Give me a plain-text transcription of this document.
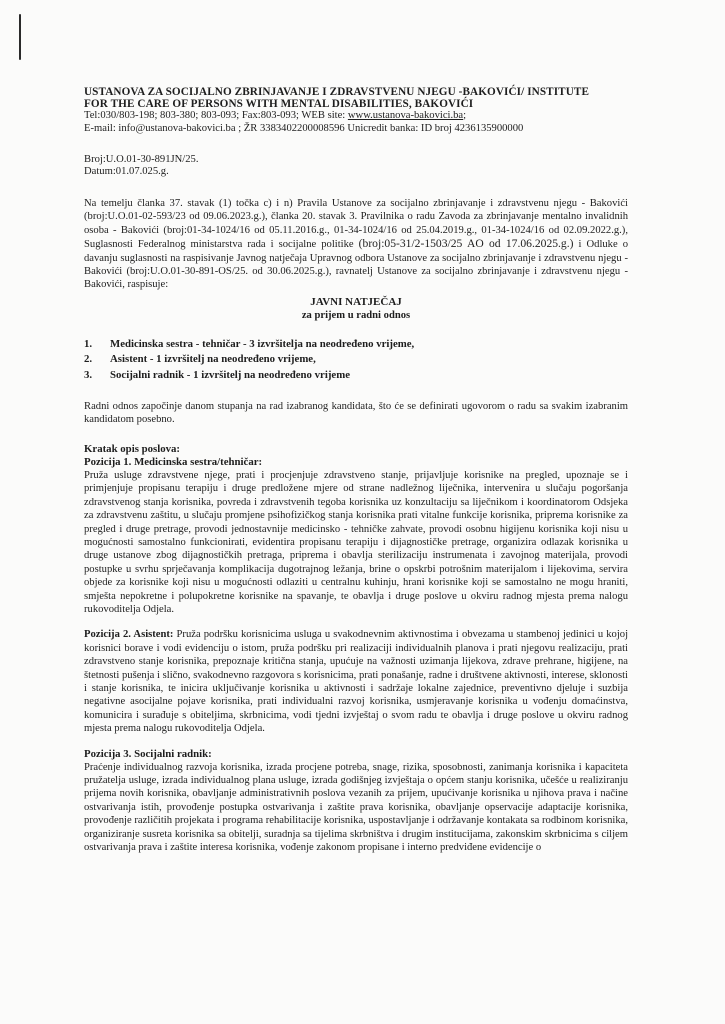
USTANOVA ZA SOCIJALNO ZBRINJAVANJE I ZDRAVSTVENU NJEGU -BAKOVIĆI/ INSTITUTE

FOR THE CARE OF PERSONS WITH MENTAL DISABILITIES, BAKOVIĆI

Tel:030/803-198; 803-380; 803-093; Fax:803-093; WEB site: www.ustanova-bakovici.ba;

E-mail: info@ustanova-bakovici.ba ; ŽR 3383402200008596 Unicredit banka: ID broj 4236135900000

Broj:U.O.01-30-891JN/25.
Datum:01.07.025.g.

Na temelju članka 37. stavak (1) točka c) i n) Pravila Ustanove za socijalno zbrinjavanje i zdravstvenu njegu - Bakovići (broj:U.O.01-02-593/23 od 09.06.2023.g.), članka 20. stavak 3. Pravilnika o radu Zavoda za zbrinjavanje mentalno invalidnih osoba - Bakovići (broj:01-34-1024/16 od 05.11.2016.g., 01-34-1024/16 od 25.04.2019.g., 01-34-1024/16 od 02.09.2022.g.), Suglasnosti Federalnog ministarstva rada i socijalne politike (broj:05-31/2-1503/25 AO od 17.06.2025.g.) i Odluke o davanju suglasnosti na raspisivanje Javnog natječaja Upravnog odbora Ustanove za socijalno zbrinjavanje i zdravstvenu njegu - Bakovići (broj:U.O.01-30-891-OS/25. od 30.06.2025.g.), ravnatelj Ustanove za socijalno zbrinjavanje i zdravstvenu njegu - Bakovići, raspisuje:

JAVNI NATJEČAJ
za prijem u radni odnos
1.	Medicinska sestra - tehničar - 3 izvršitelja na neodređeno vrijeme,
2.	Asistent - 1 izvršitelj na neodređeno vrijeme,
3.	Socijalni radnik - 1 izvršitelj na neodređeno vrijeme

Radni odnos započinje danom stupanja na rad izabranog kandidata, što će se definirati ugovorom o radu sa svakim izabranim kandidatom posebno.

Kratak opis poslova:
Pozicija 1. Medicinska sestra/tehničar:

Pruža usluge zdravstvene njege, prati i procjenjuje zdravstveno stanje, prijavljuje korisnike na pregled, upoznaje se i primjenjuje propisanu terapiju i druge predložene mjere od strane nadležnog liječnika, intervenira u slučaju pogoršanja zdravstvenog stanja korisnika, povreda i zdravstvenih tegoba korisnika uz konzultaciju sa liječnikom i koordinatorom Odsjeka za zdravstvenu zaštitu, u slučaju promjene psihofizičkog stanja korisnika prati vitalne funkcije korisnika, priprema korisnike za pregled i druge pretrage, provodi jednostavnije medicinsko - tehničke zahvate, provodi osobnu higijenu korisnika koji nisu u mogućnosti samostalno funkcionirati, evidentira propisanu terapiju i dijagnostičke pretrage, organizira odlazak korisnika u druge ustanove zbog dijagnostičkih pretraga, priprema i obavlja sterilizaciju instrumenata i zavojnog materijala, provodi postupke u svrhu sprječavanja komplikacija dugotrajnog ležanja, brine o opskrbi potrošnim materijalom i lijekovima, servira objede za korisnike koji nisu u mogućnosti odlaziti u centralnu kuhinju, hrani korisnike koji se samostalno ne mogu hraniti, smješta nepokretne i polupokretne korisnike na spavanje, te obavlja i druge poslove u okviru radnog mjesta prema nalogu rukovoditelja Odjela.

Pozicija 2. Asistent: Pruža podršku korisnicima usluga u svakodnevnim aktivnostima i obvezama u stambenoj jedinici u kojoj korisnici borave i vodi evidenciju o istom, pruža podršku pri realizaciji individualnih planova i prati njegovu realizaciju, prati zdravstveno stanje korisnika, prepoznaje kritična stanja, upućuje na važnosti uzimanja lijekova, zdrave prehrane, higijene, na štetnosti pušenja i slično, svakodnevno razgovora s korisnicima, prati ponašanje, radne i društvene aktivnosti, interese, sklonosti i stanje korisnika, te inicira uključivanje korisnika u aktivnosti i sadržaje lokalne zajednice, preventivno djeluje i suzbija negativne asocijalne pojave korisnika, prati individualni razvoj korisnika, usmjeravanje korisnika u vođenju domaćinstva, komunicira i surađuje s obiteljima, skrbnicima, vodi tjedni izvještaj o svom radu te obavlja i druge poslove u okviru radnog mjesta prema nalogu rukovoditelja Odjela.

Pozicija 3. Socijalni radnik:

Praćenje individualnog razvoja korisnika, izrada procjene potreba, snage, rizika, sposobnosti, zanimanja korisnika i kapaciteta pružatelja usluge, izrada individualnog plana usluge, izrada godišnjeg izvještaja o općem stanju korisnika, učešće u realiziranju prijema novih korisnika, obavljanje administrativnih poslova vezanih za prijem, upućivanje korisnika u njihova prava i načine ostvarivanja istih, provođenje postupka ostvarivanja i zaštite prava korisnika, obavljanje opservacije adaptacije korisnika, provođenje različitih projekata i programa rehabilitacije korisnika, uspostavljanje i održavanje kontakata sa rodbinom korisnika, organiziranje susreta korisnika sa obitelji, suradnja sa tijelima skrbništva i drugim institucijama, zakonskim skrbnicima s ciljem ostvarivanja prava i zaštite interesa korisnika, vođenje zakonom propisane i interno predviđene evidencije o
